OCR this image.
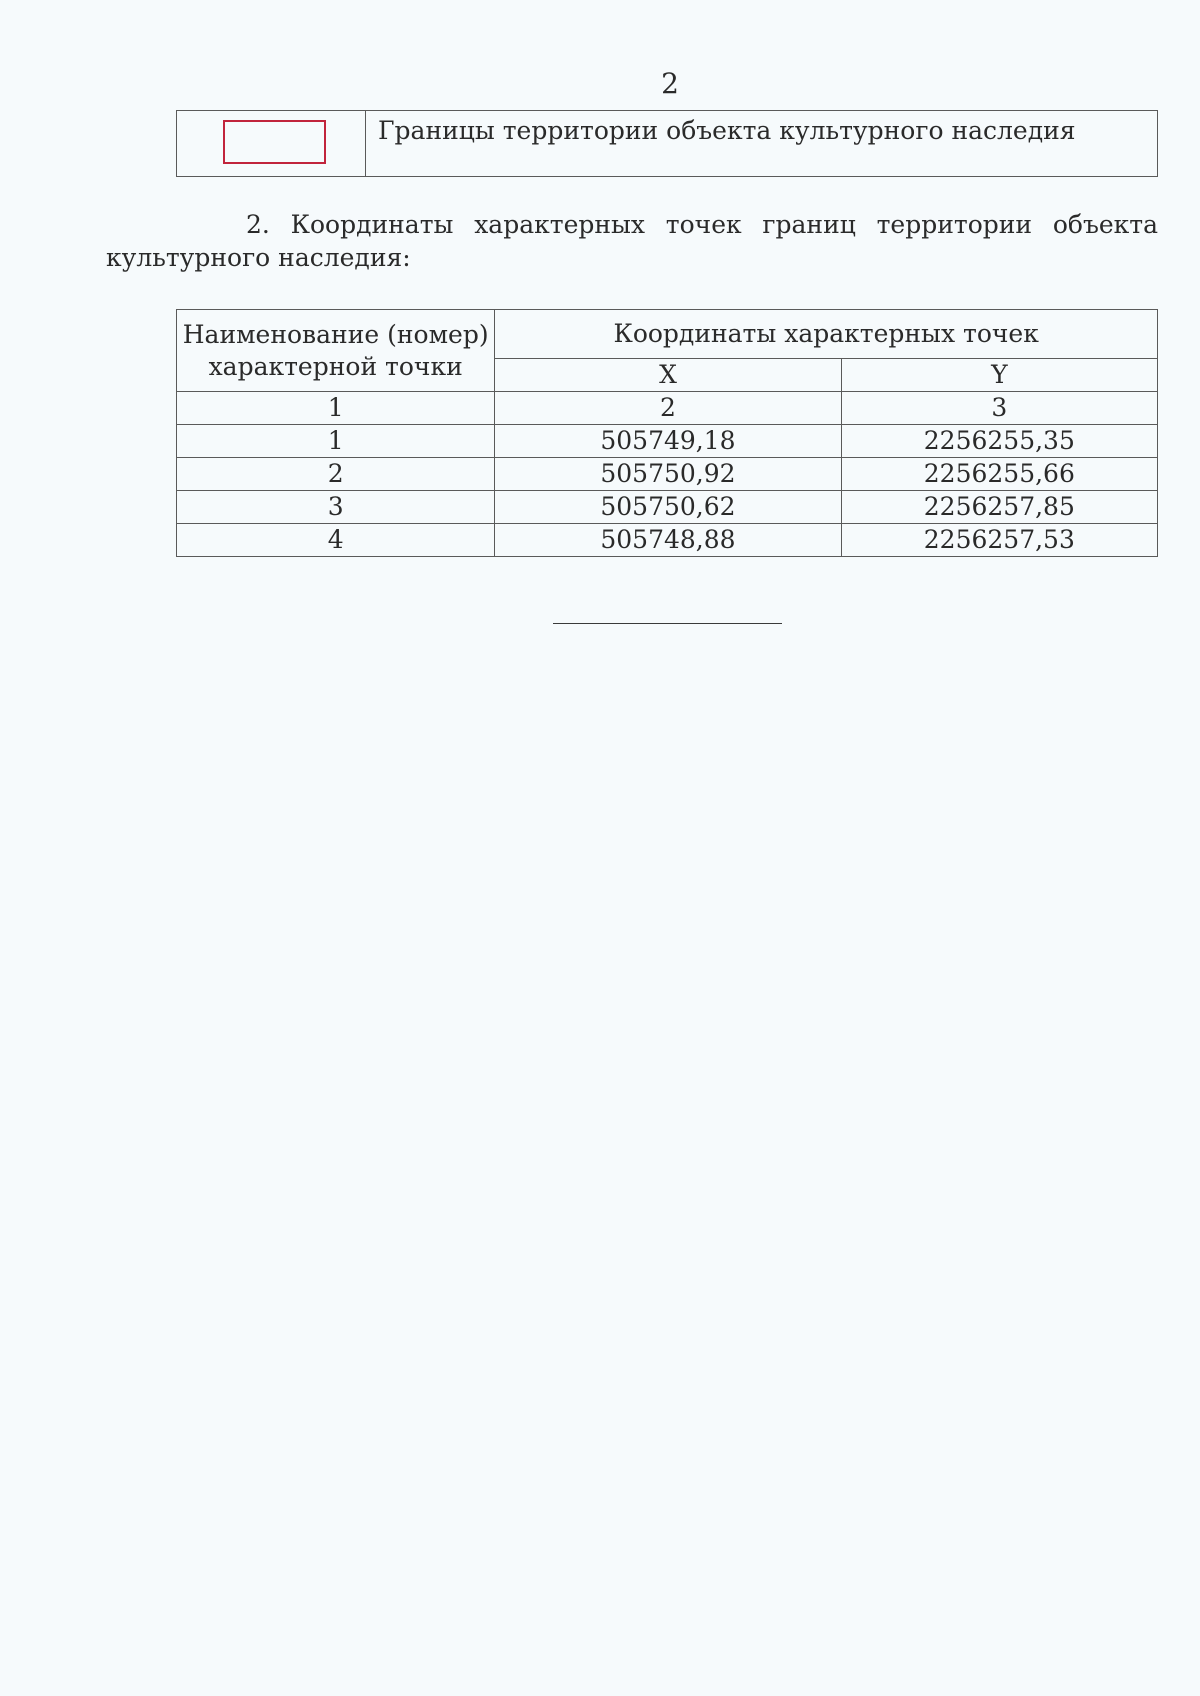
2
	Границы территории объекта культурного наследия
2. Координаты характерных точек границ территории объекта
культурного наследия:
Наименование (номер)
характерной точки	Координаты характерных точек	
	X	Y
1	2	3
1	505749,18	2256255,35
2	505750,92	2256255,66
3	505750,62	2256257,85
4	505748,88	2256257,53
